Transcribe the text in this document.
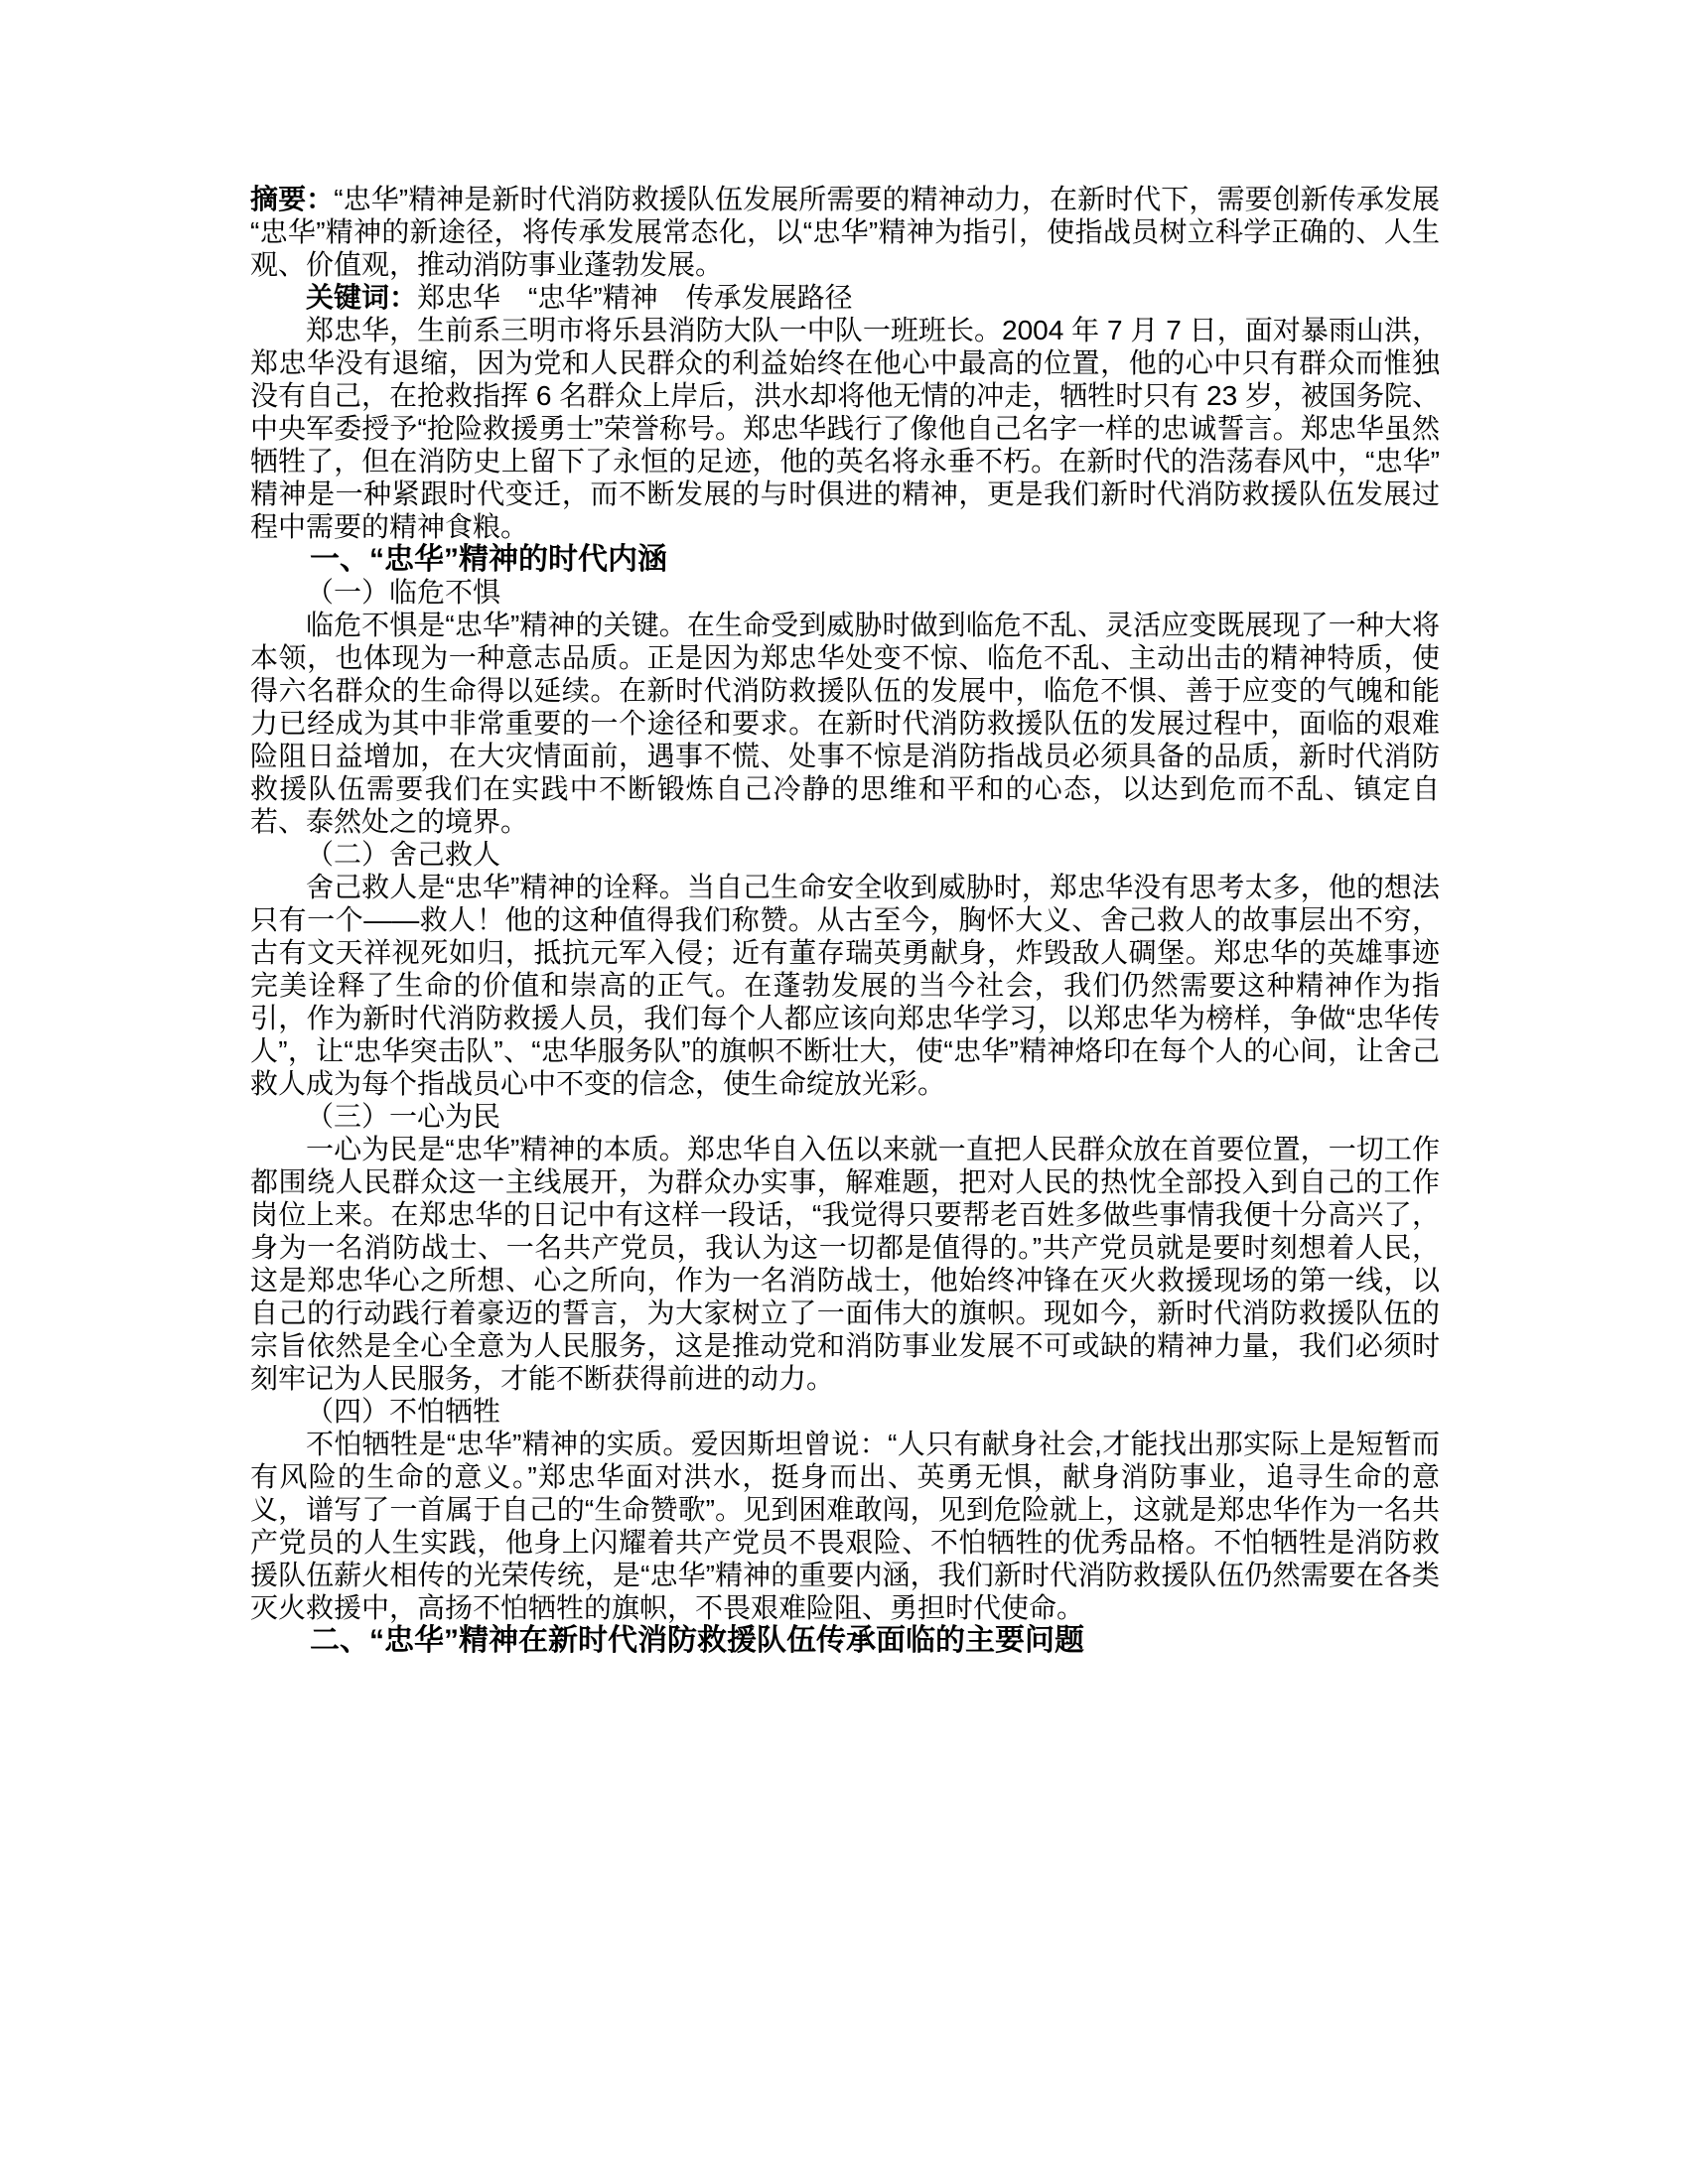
摘要：“忠华”精神是新时代消防救援队伍发展所需要的精神动力，在新时代下，需要创新传承发展“忠华”精神的新途径，将传承发展常态化，以“忠华”精神为指引，使指战员树立科学正确的、人生观、价值观，推动消防事业蓬勃发展。

关键词：郑忠华　“忠华”精神　传承发展路径

郑忠华，生前系三明市将乐县消防大队一中队一班班长。2004 年 7 月 7 日，面对暴雨山洪，郑忠华没有退缩，因为党和人民群众的利益始终在他心中最高的位置，他的心中只有群众而惟独没有自己，在抢救指挥 6 名群众上岸后，洪水却将他无情的冲走，牺牲时只有 23 岁，被国务院、中央军委授予“抢险救援勇士”荣誉称号。郑忠华践行了像他自己名字一样的忠诚誓言。郑忠华虽然牺牲了，但在消防史上留下了永恒的足迹，他的英名将永垂不朽。在新时代的浩荡春风中，“忠华”精神是一种紧跟时代变迁，而不断发展的与时俱进的精神，更是我们新时代消防救援队伍发展过程中需要的精神食粮。

一、“忠华”精神的时代内涵

（一）临危不惧

临危不惧是“忠华”精神的关键。在生命受到威胁时做到临危不乱、灵活应变既展现了一种大将本领，也体现为一种意志品质。正是因为郑忠华处变不惊、临危不乱、主动出击的精神特质，使得六名群众的生命得以延续。在新时代消防救援队伍的发展中，临危不惧、善于应变的气魄和能力已经成为其中非常重要的一个途径和要求。在新时代消防救援队伍的发展过程中，面临的艰难险阻日益增加，在大灾情面前，遇事不慌、处事不惊是消防指战员必须具备的品质，新时代消防救援队伍需要我们在实践中不断锻炼自己冷静的思维和平和的心态，以达到危而不乱、镇定自若、泰然处之的境界。

（二）舍己救人

舍己救人是“忠华”精神的诠释。当自己生命安全收到威胁时，郑忠华没有思考太多，他的想法只有一个——救人！他的这种值得我们称赞。从古至今，胸怀大义、舍己救人的故事层出不穷，古有文天祥视死如归，抵抗元军入侵；近有董存瑞英勇献身，炸毁敌人碉堡。郑忠华的英雄事迹完美诠释了生命的价值和崇高的正气。在蓬勃发展的当今社会，我们仍然需要这种精神作为指引，作为新时代消防救援人员，我们每个人都应该向郑忠华学习，以郑忠华为榜样，争做“忠华传人”，让“忠华突击队”、“忠华服务队”的旗帜不断壮大，使“忠华”精神烙印在每个人的心间，让舍己救人成为每个指战员心中不变的信念，使生命绽放光彩。

（三）一心为民

一心为民是“忠华”精神的本质。郑忠华自入伍以来就一直把人民群众放在首要位置，一切工作都围绕人民群众这一主线展开，为群众办实事，解难题，把对人民的热忱全部投入到自己的工作岗位上来。在郑忠华的日记中有这样一段话，“我觉得只要帮老百姓多做些事情我便十分高兴了，身为一名消防战士、一名共产党员，我认为这一切都是值得的。”共产党员就是要时刻想着人民，这是郑忠华心之所想、心之所向，作为一名消防战士，他始终冲锋在灭火救援现场的第一线，以自己的行动践行着豪迈的誓言，为大家树立了一面伟大的旗帜。现如今，新时代消防救援队伍的宗旨依然是全心全意为人民服务，这是推动党和消防事业发展不可或缺的精神力量，我们必须时刻牢记为人民服务，才能不断获得前进的动力。

（四）不怕牺牲

不怕牺牲是“忠华”精神的实质。爱因斯坦曾说：“人只有献身社会,才能找出那实际上是短暂而有风险的生命的意义。”郑忠华面对洪水，挺身而出、英勇无惧，献身消防事业，追寻生命的意义，谱写了一首属于自己的“生命赞歌”。见到困难敢闯，见到危险就上，这就是郑忠华作为一名共产党员的人生实践，他身上闪耀着共产党员不畏艰险、不怕牺牲的优秀品格。不怕牺牲是消防救援队伍薪火相传的光荣传统，是“忠华”精神的重要内涵，我们新时代消防救援队伍仍然需要在各类灭火救援中，高扬不怕牺牲的旗帜，不畏艰难险阻、勇担时代使命。

二、“忠华”精神在新时代消防救援队伍传承面临的主要问题
